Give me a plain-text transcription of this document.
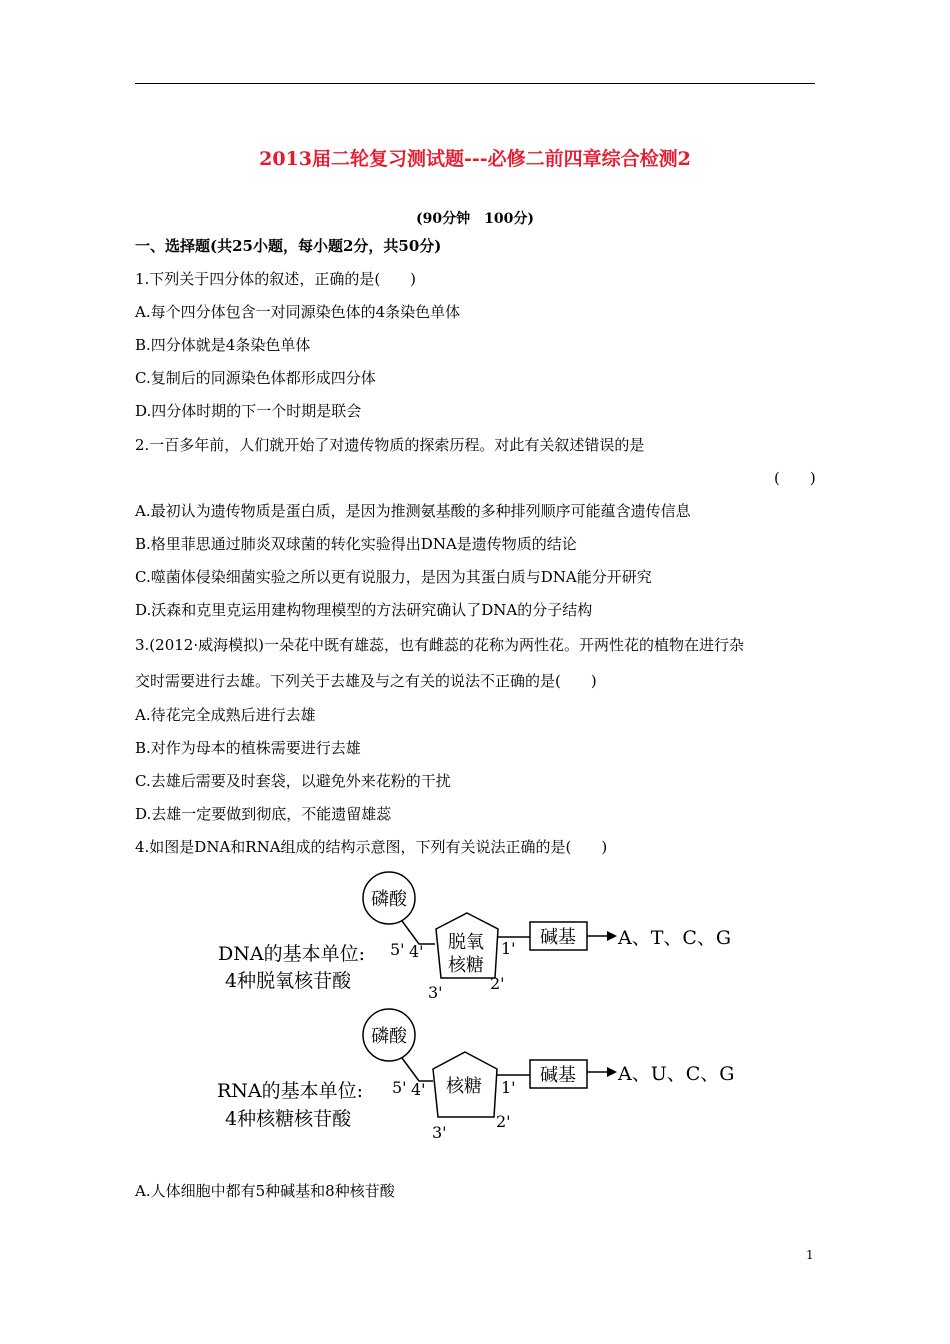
2013届二轮复习测试题---必修二前四章综合检测2
(90分钟　100分)
一、选择题(共25小题，每小题2分，共50分)
1.下列关于四分体的叙述，正确的是(　　)
A.每个四分体包含一对同源染色体的4条染色单体
B.四分体就是4条染色单体
C.复制后的同源染色体都形成四分体
D.四分体时期的下一个时期是联会
2.一百多年前，人们就开始了对遗传物质的探索历程。对此有关叙述错误的是
(　　)
A.最初认为遗传物质是蛋白质，是因为推测氨基酸的多种排列顺序可能蕴含遗传信息
B.格里菲思通过肺炎双球菌的转化实验得出DNA是遗传物质的结论
C.噬菌体侵染细菌实验之所以更有说服力，是因为其蛋白质与DNA能分开研究
D.沃森和克里克运用建构物理模型的方法研究确认了DNA的分子结构
3.(2012·威海模拟)一朵花中既有雄蕊，也有雌蕊的花称为两性花。开两性花的植物在进行杂
交时需要进行去雄。下列关于去雄及与之有关的说法不正确的是(　　)
A.待花完全成熟后进行去雄
B.对作为母本的植株需要进行去雄
C.去雄后需要及时套袋，以避免外来花粉的干扰
D.去雄一定要做到彻底，不能遗留雄蕊
4.如图是DNA和RNA组成的结构示意图，下列有关说法正确的是(　　)
DNA的基本单位:
4种脱氧核苷酸
磷酸
脱氧
核糖
5' 4'	1'
2'
3'
碱基 A、T、C、G
RNA的基本单位:
4种核糖核苷酸
磷酸
核糖
5' 4'	1'
2'
3'
碱基 A、U、C、G
A.人体细胞中都有5种碱基和8种核苷酸
1
